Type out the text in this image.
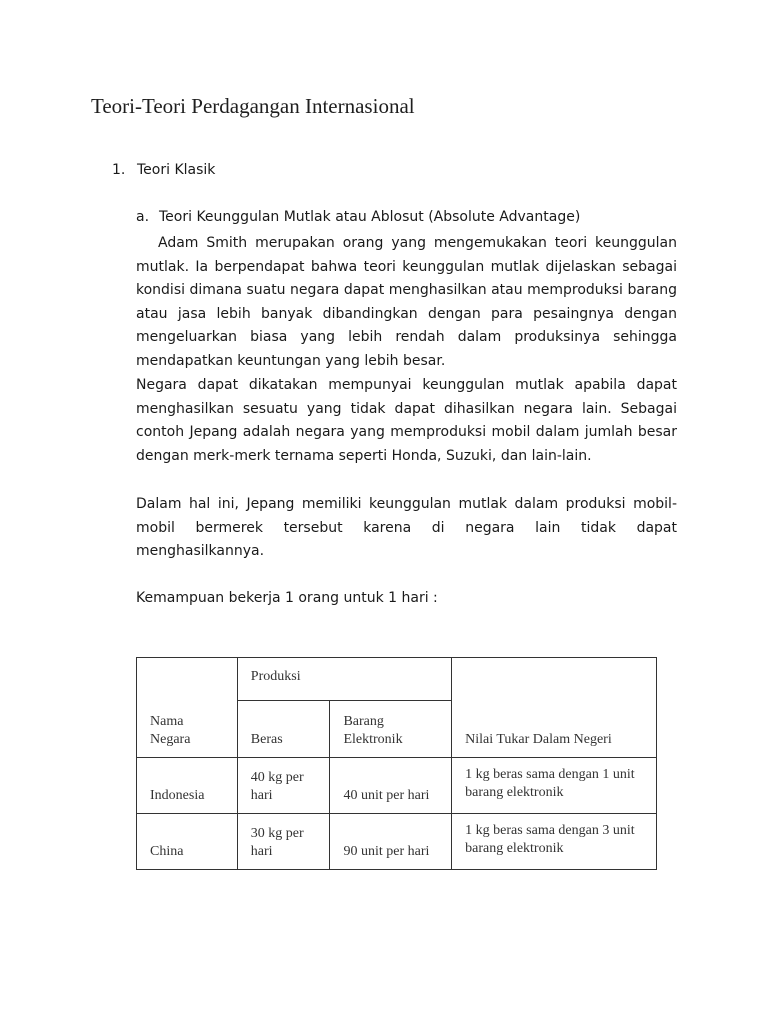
Teori-Teori Perdagangan Internasional
1. Teori Klasik
a. Teori Keunggulan Mutlak atau Ablosut (Absolute Advantage)

Adam Smith merupakan orang yang mengemukakan teori keunggulan mutlak. Ia berpendapat bahwa teori keunggulan mutlak dijelaskan sebagai kondisi dimana suatu negara dapat menghasilkan atau memproduksi barang atau jasa lebih banyak dibandingkan dengan para pesaingnya dengan mengeluarkan biasa yang lebih rendah dalam produksinya sehingga mendapatkan keuntungan yang lebih besar.

Negara dapat dikatakan mempunyai keunggulan mutlak apabila dapat menghasilkan sesuatu yang tidak dapat dihasilkan negara lain. Sebagai contoh Jepang adalah negara yang memproduksi mobil dalam jumlah besar dengan merk-merk ternama seperti Honda, Suzuki, dan lain-lain.

Dalam hal ini, Jepang memiliki keunggulan mutlak dalam produksi mobil-mobil bermerek tersebut karena di negara lain tidak dapat menghasilkannya.

Kemampuan bekerja 1 orang untuk 1 hari :
Nama Negara	Produksi		Nilai Tukar Dalam Negeri
	Beras	Barang Elektronik	
Indonesia	40 kg per hari	40 unit per hari	1 kg beras sama dengan 1 unit barang elektronik
China	30 kg per hari	90 unit per hari	1 kg beras sama dengan 3 unit barang elektronik
